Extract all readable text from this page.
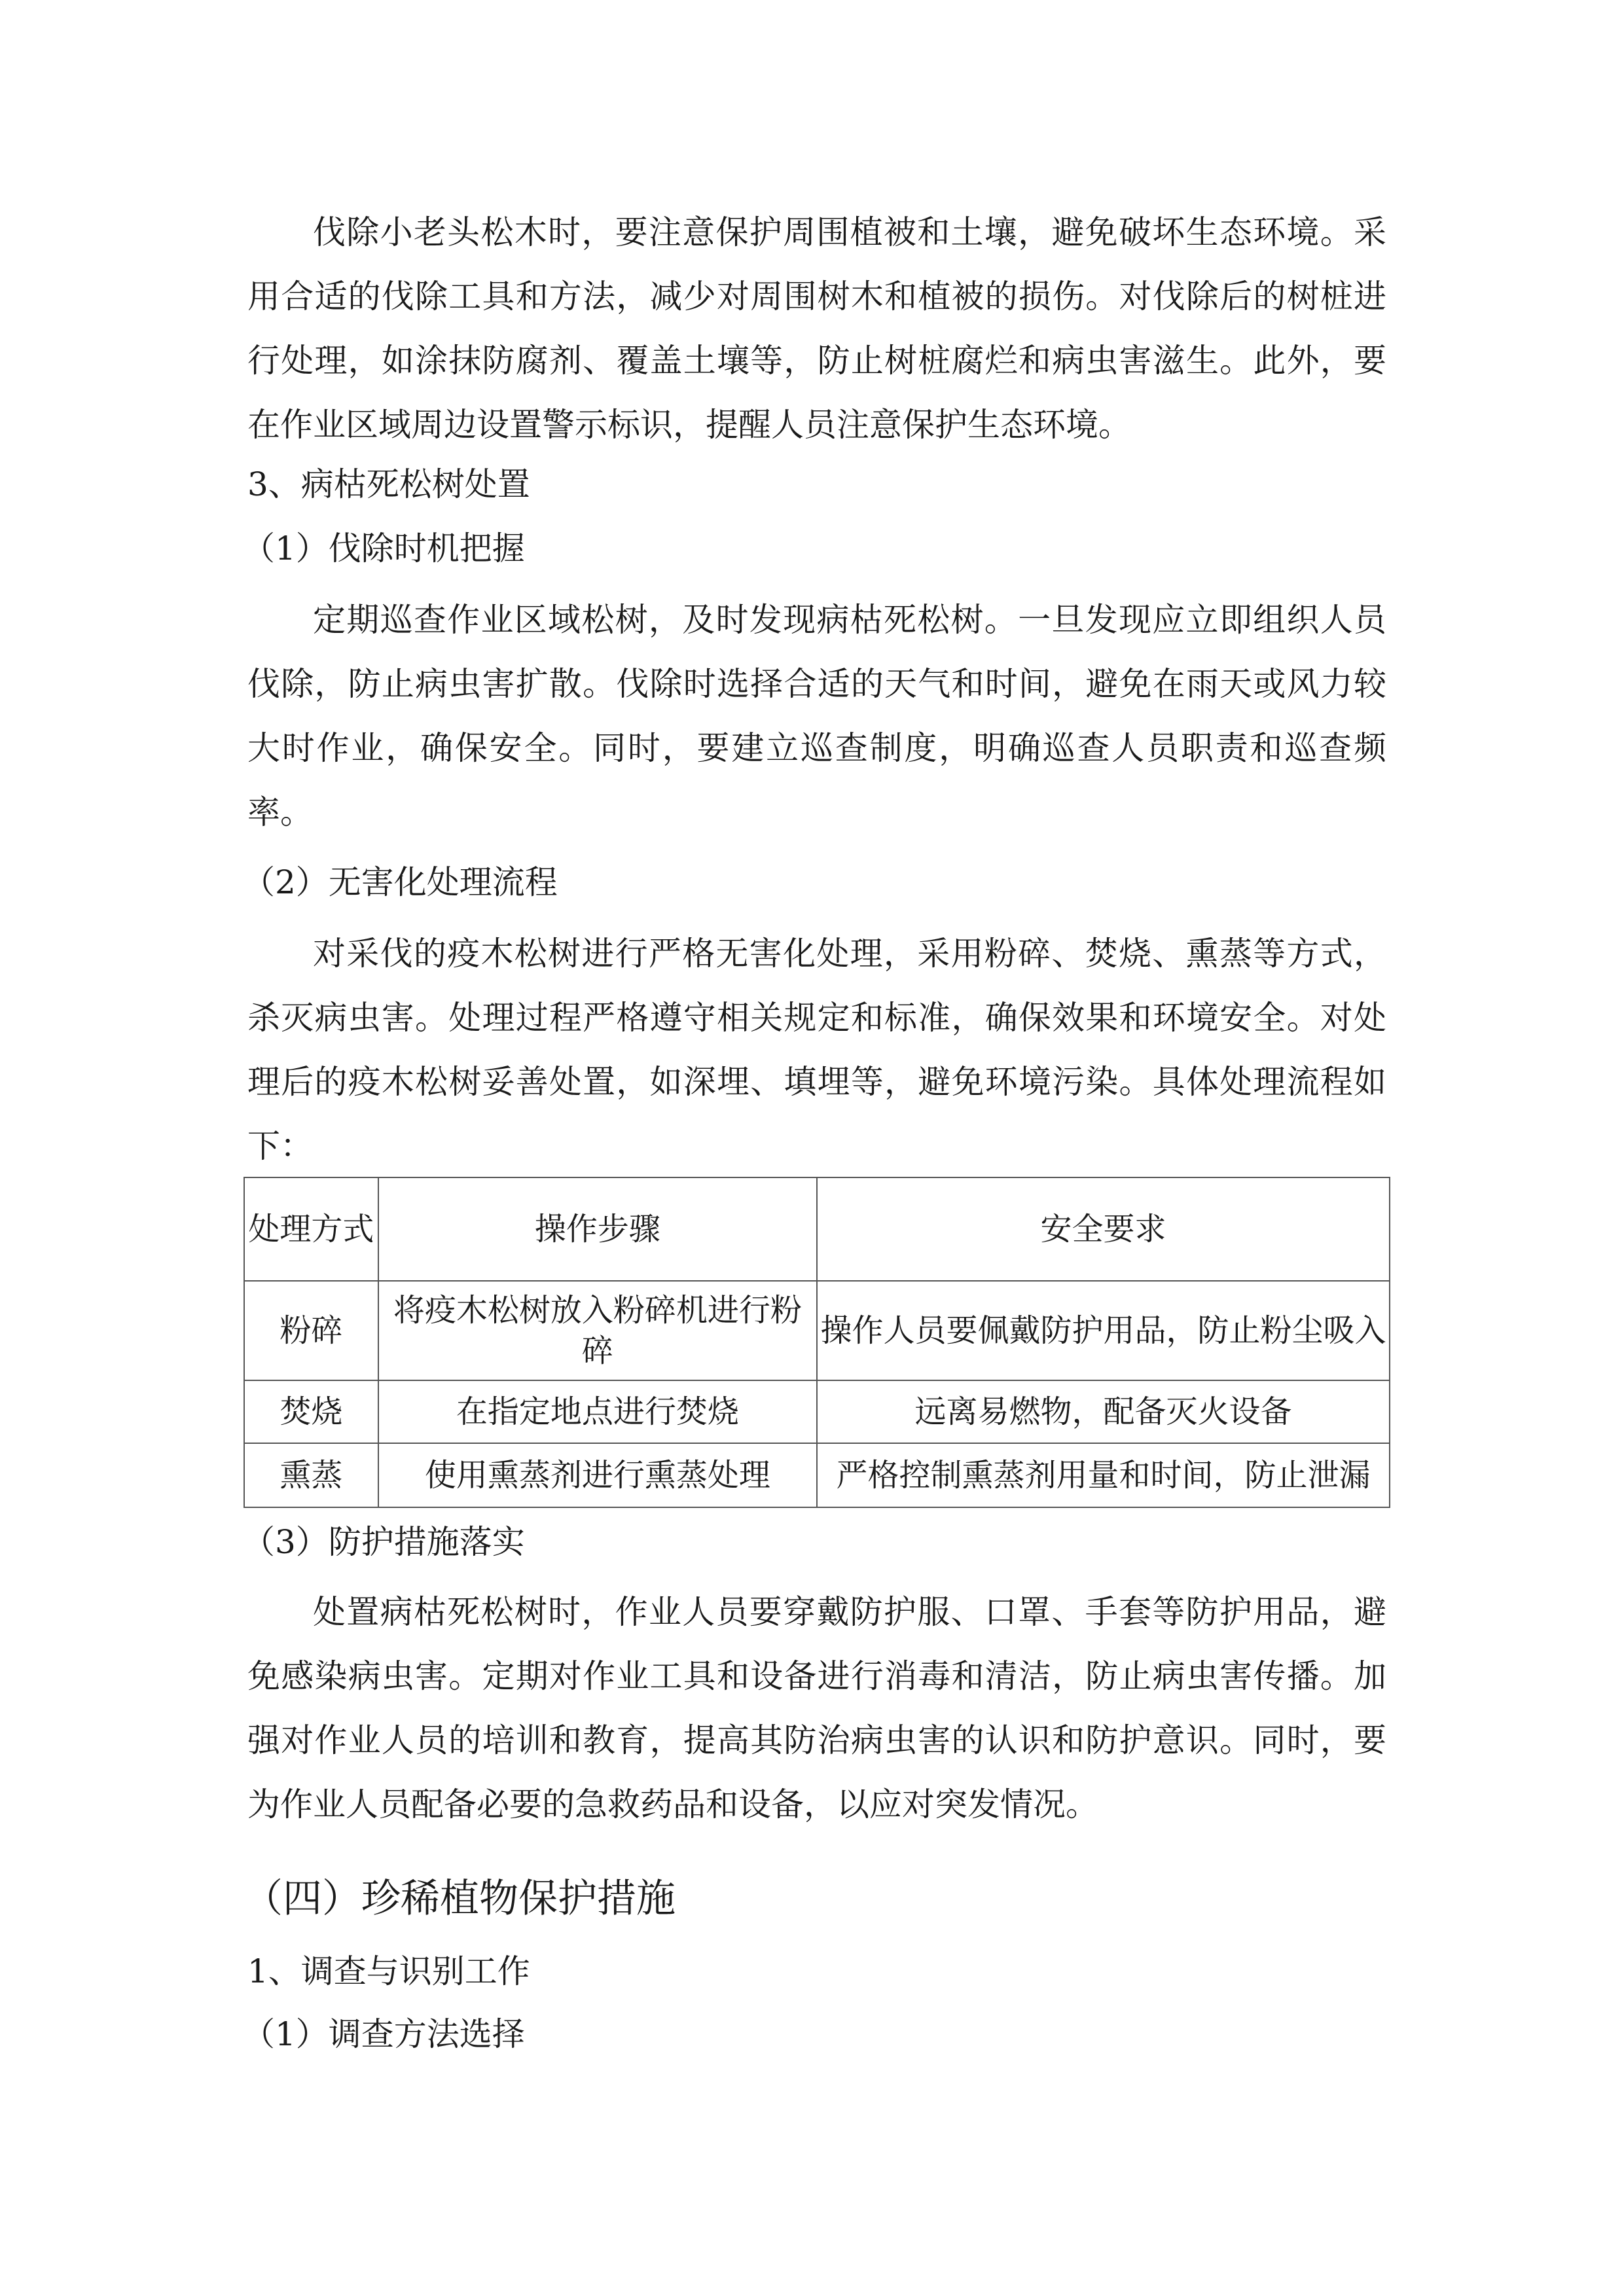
伐除小老头松木时，要注意保护周围植被和土壤，避免破坏生态环境。采用合适的伐除工具和方法，减少对周围树木和植被的损伤。对伐除后的树桩进行处理，如涂抹防腐剂、覆盖土壤等，防止树桩腐烂和病虫害滋生。此外，要在作业区域周边设置警示标识，提醒人员注意保护生态环境。

3、病枯死松树处置

（1）伐除时机把握

定期巡查作业区域松树，及时发现病枯死松树。一旦发现应立即组织人员伐除，防止病虫害扩散。伐除时选择合适的天气和时间，避免在雨天或风力较大时作业，确保安全。同时，要建立巡查制度，明确巡查人员职责和巡查频率。

（2）无害化处理流程

对采伐的疫木松树进行严格无害化处理，采用粉碎、焚烧、熏蒸等方式，杀灭病虫害。处理过程严格遵守相关规定和标准，确保效果和环境安全。对处理后的疫木松树妥善处置，如深埋、填埋等，避免环境污染。具体处理流程如下：

处理方式	操作步骤	安全要求
粉碎	将疫木松树放入粉碎机进行粉碎	操作人员要佩戴防护用品，防止粉尘吸入
焚烧	在指定地点进行焚烧	远离易燃物，配备灭火设备
熏蒸	使用熏蒸剂进行熏蒸处理	严格控制熏蒸剂用量和时间，防止泄漏

（3）防护措施落实

处置病枯死松树时，作业人员要穿戴防护服、口罩、手套等防护用品，避免感染病虫害。定期对作业工具和设备进行消毒和清洁，防止病虫害传播。加强对作业人员的培训和教育，提高其防治病虫害的认识和防护意识。同时，要为作业人员配备必要的急救药品和设备，以应对突发情况。

（四）珍稀植物保护措施

1、调查与识别工作

（1）调查方法选择
